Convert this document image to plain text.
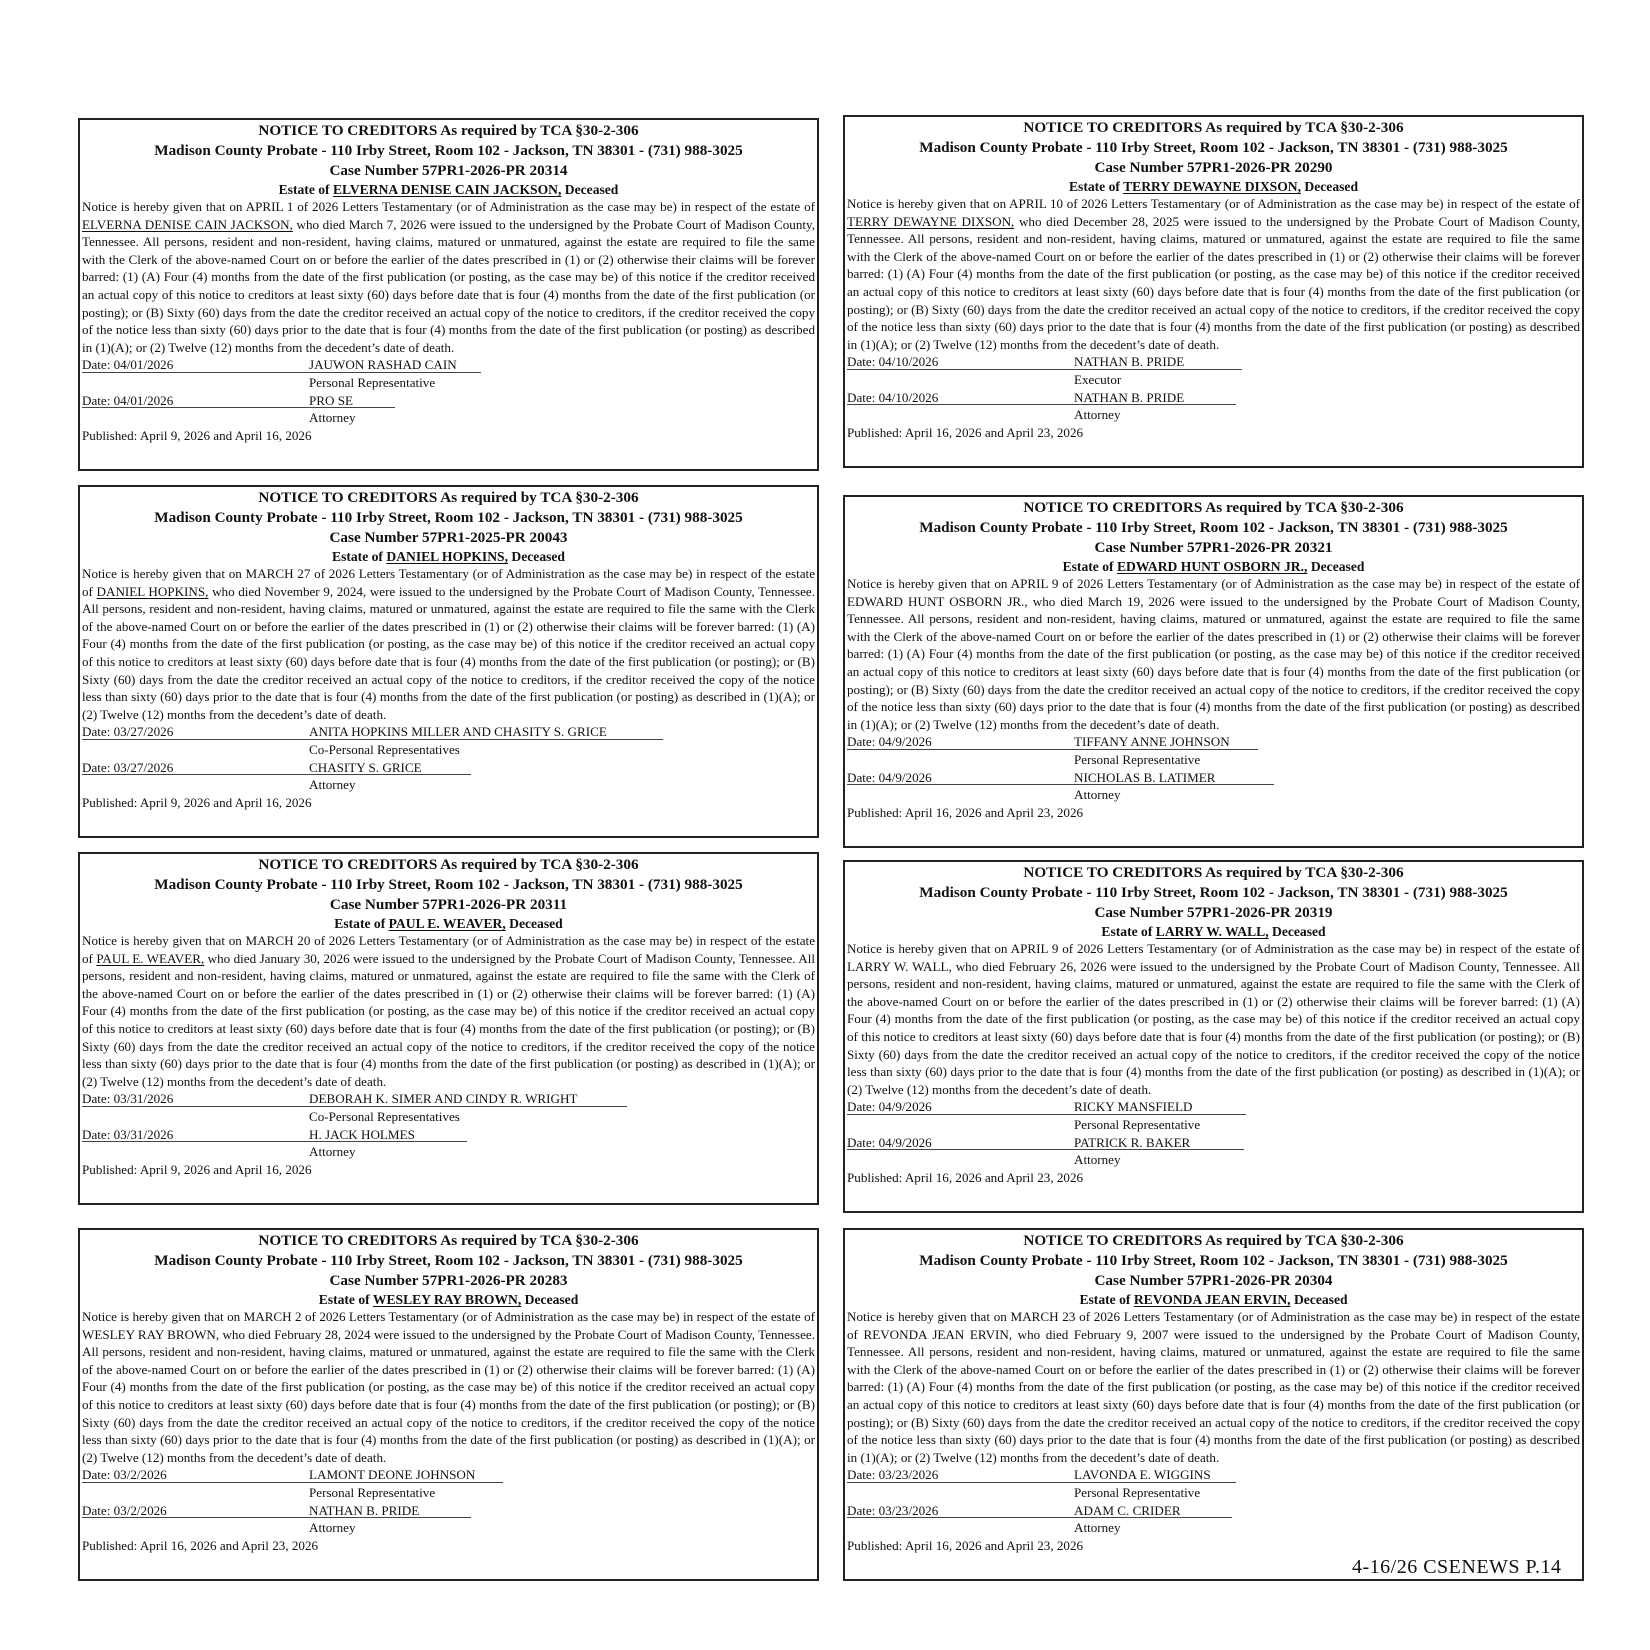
NOTICE TO CREDITORS As required by TCA §30-2-306
Madison County Probate - 110 Irby Street, Room 102 - Jackson, TN 38301 - (731) 988-3025
Case Number 57PR1-2026-PR 20314
Estate of ELVERNA DENISE CAIN JACKSON, Deceased

Notice is hereby given that on APRIL 1 of 2026 Letters Testamentary (or of Administration as the case may be) in respect of the estate of ELVERNA DENISE CAIN JACKSON, who died March 7, 2026 were issued to the undersigned by the Probate Court of Madison County, Tennessee. All persons, resident and non-resident, having claims, matured or unmatured, against the estate are required to file the same with the Clerk of the above-named Court on or before the earlier of the dates prescribed in (1) or (2) otherwise their claims will be forever barred: (1) (A) Four (4) months from the date of the first publication (or posting, as the case may be) of this notice if the creditor received an actual copy of this notice to creditors at least sixty (60) days before date that is four (4) months from the date of the first publication (or posting); or (B) Sixty (60) days from the date the creditor received an actual copy of the notice to creditors, if the creditor received the copy of the notice less than sixty (60) days prior to the date that is four (4) months from the date of the first publication (or posting) as described in (1)(A); or (2) Twelve (12) months from the decedent’s date of death.

Date: 04/01/2026	JAUWON RASHAD CAIN
Personal Representative
Date: 04/01/2026	PRO SE
Attorney
Published: April 9, 2026 and April 16, 2026
NOTICE TO CREDITORS As required by TCA §30-2-306
Madison County Probate - 110 Irby Street, Room 102 - Jackson, TN 38301 - (731) 988-3025
Case Number 57PR1-2025-PR 20043
Estate of DANIEL HOPKINS, Deceased

Notice is hereby given that on MARCH 27 of 2026 Letters Testamentary (or of Administration as the case may be) in respect of the estate of DANIEL HOPKINS, who died November 9, 2024, were issued to the undersigned by the Probate Court of Madison County, Tennessee. All persons, resident and non-resident, having claims, matured or unmatured, against the estate are required to file the same with the Clerk of the above-named Court on or before the earlier of the dates prescribed in (1) or (2) otherwise their claims will be forever barred: (1) (A) Four (4) months from the date of the first publication (or posting, as the case may be) of this notice if the creditor received an actual copy of this notice to creditors at least sixty (60) days before date that is four (4) months from the date of the first publication (or posting); or (B) Sixty (60) days from the date the creditor received an actual copy of the notice to creditors, if the creditor received the copy of the notice less than sixty (60) days prior to the date that is four (4) months from the date of the first publication (or posting) as described in (1)(A); or (2) Twelve (12) months from the decedent’s date of death.

Date: 03/27/2026	ANITA HOPKINS MILLER AND CHASITY S. GRICE
Co-Personal Representatives
Date: 03/27/2026	CHASITY S. GRICE
Attorney
Published: April 9, 2026 and April 16, 2026
NOTICE TO CREDITORS As required by TCA §30-2-306
Madison County Probate - 110 Irby Street, Room 102 - Jackson, TN 38301 - (731) 988-3025
Case Number 57PR1-2026-PR 20311
Estate of PAUL E. WEAVER, Deceased

Notice is hereby given that on MARCH 20 of 2026 Letters Testamentary (or of Administration as the case may be) in respect of the estate of PAUL E. WEAVER, who died January 30, 2026 were issued to the undersigned by the Probate Court of Madison County, Tennessee. All persons, resident and non-resident, having claims, matured or unmatured, against the estate are required to file the same with the Clerk of the above-named Court on or before the earlier of the dates prescribed in (1) or (2) otherwise their claims will be forever barred: (1) (A) Four (4) months from the date of the first publication (or posting, as the case may be) of this notice if the creditor received an actual copy of this notice to creditors at least sixty (60) days before date that is four (4) months from the date of the first publication (or posting); or (B) Sixty (60) days from the date the creditor received an actual copy of the notice to creditors, if the creditor received the copy of the notice less than sixty (60) days prior to the date that is four (4) months from the date of the first publication (or posting) as described in (1)(A); or (2) Twelve (12) months from the decedent’s date of death.

Date: 03/31/2026	DEBORAH K. SIMER AND CINDY R. WRIGHT
Co-Personal Representatives
Date: 03/31/2026	H. JACK HOLMES
Attorney
Published: April 9, 2026 and April 16, 2026
NOTICE TO CREDITORS As required by TCA §30-2-306
Madison County Probate - 110 Irby Street, Room 102 - Jackson, TN 38301 - (731) 988-3025
Case Number 57PR1-2026-PR 20283
Estate of WESLEY RAY BROWN, Deceased

Notice is hereby given that on MARCH 2 of 2026 Letters Testamentary (or of Administration as the case may be) in respect of the estate of WESLEY RAY BROWN, who died February 28, 2024 were issued to the undersigned by the Probate Court of Madison County, Tennessee. All persons, resident and non-resident, having claims, matured or unmatured, against the estate are required to file the same with the Clerk of the above-named Court on or before the earlier of the dates prescribed in (1) or (2) otherwise their claims will be forever barred: (1) (A) Four (4) months from the date of the first publication (or posting, as the case may be) of this notice if the creditor received an actual copy of this notice to creditors at least sixty (60) days before date that is four (4) months from the date of the first publication (or posting); or (B) Sixty (60) days from the date the creditor received an actual copy of the notice to creditors, if the creditor received the copy of the notice less than sixty (60) days prior to the date that is four (4) months from the date of the first publication (or posting) as described in (1)(A); or (2) Twelve (12) months from the decedent’s date of death.

Date: 03/2/2026	LAMONT DEONE JOHNSON
Personal Representative
Date: 03/2/2026	NATHAN B. PRIDE
Attorney
Published: April 16, 2026 and April 23, 2026
NOTICE TO CREDITORS As required by TCA §30-2-306
Madison County Probate - 110 Irby Street, Room 102 - Jackson, TN 38301 - (731) 988-3025
Case Number 57PR1-2026-PR 20290
Estate of TERRY DEWAYNE DIXSON, Deceased

Notice is hereby given that on APRIL 10 of 2026 Letters Testamentary (or of Administration as the case may be) in respect of the estate of TERRY DEWAYNE DIXSON, who died December 28, 2025 were issued to the undersigned by the Probate Court of Madison County, Tennessee. All persons, resident and non-resident, having claims, matured or unmatured, against the estate are required to file the same with the Clerk of the above-named Court on or before the earlier of the dates prescribed in (1) or (2) otherwise their claims will be forever barred: (1) (A) Four (4) months from the date of the first publication (or posting, as the case may be) of this notice if the creditor received an actual copy of this notice to creditors at least sixty (60) days before date that is four (4) months from the date of the first publication (or posting); or (B) Sixty (60) days from the date the creditor received an actual copy of the notice to creditors, if the creditor received the copy of the notice less than sixty (60) days prior to the date that is four (4) months from the date of the first publication (or posting) as described in (1)(A); or (2) Twelve (12) months from the decedent’s date of death.

Date: 04/10/2026	NATHAN B. PRIDE
Executor
Date: 04/10/2026	NATHAN B. PRIDE
Attorney
Published: April 16, 2026 and April 23, 2026
NOTICE TO CREDITORS As required by TCA §30-2-306
Madison County Probate - 110 Irby Street, Room 102 - Jackson, TN 38301 - (731) 988-3025
Case Number 57PR1-2026-PR 20321
Estate of EDWARD HUNT OSBORN JR., Deceased

Notice is hereby given that on APRIL 9 of 2026 Letters Testamentary (or of Administration as the case may be) in respect of the estate of EDWARD HUNT OSBORN JR., who died March 19, 2026 were issued to the undersigned by the Probate Court of Madison County, Tennessee. All persons, resident and non-resident, having claims, matured or unmatured, against the estate are required to file the same with the Clerk of the above-named Court on or before the earlier of the dates prescribed in (1) or (2) otherwise their claims will be forever barred: (1) (A) Four (4) months from the date of the first publication (or posting, as the case may be) of this notice if the creditor received an actual copy of this notice to creditors at least sixty (60) days before date that is four (4) months from the date of the first publication (or posting); or (B) Sixty (60) days from the date the creditor received an actual copy of the notice to creditors, if the creditor received the copy of the notice less than sixty (60) days prior to the date that is four (4) months from the date of the first publication (or posting) as described in (1)(A); or (2) Twelve (12) months from the decedent’s date of death.

Date: 04/9/2026	TIFFANY ANNE JOHNSON
Personal Representative
Date: 04/9/2026	NICHOLAS B. LATIMER
Attorney
Published: April 16, 2026 and April 23, 2026
NOTICE TO CREDITORS As required by TCA §30-2-306
Madison County Probate - 110 Irby Street, Room 102 - Jackson, TN 38301 - (731) 988-3025
Case Number 57PR1-2026-PR 20319
Estate of LARRY W. WALL, Deceased

Notice is hereby given that on APRIL 9 of 2026 Letters Testamentary (or of Administration as the case may be) in respect of the estate of LARRY W. WALL, who died February 26, 2026 were issued to the undersigned by the Probate Court of Madison County, Tennessee. All persons, resident and non-resident, having claims, matured or unmatured, against the estate are required to file the same with the Clerk of the above-named Court on or before the earlier of the dates prescribed in (1) or (2) otherwise their claims will be forever barred: (1) (A) Four (4) months from the date of the first publication (or posting, as the case may be) of this notice if the creditor received an actual copy of this notice to creditors at least sixty (60) days before date that is four (4) months from the date of the first publication (or posting); or (B) Sixty (60) days from the date the creditor received an actual copy of the notice to creditors, if the creditor received the copy of the notice less than sixty (60) days prior to the date that is four (4) months from the date of the first publication (or posting) as described in (1)(A); or (2) Twelve (12) months from the decedent’s date of death.

Date: 04/9/2026	RICKY MANSFIELD
Personal Representative
Date: 04/9/2026	PATRICK R. BAKER
Attorney
Published: April 16, 2026 and April 23, 2026
NOTICE TO CREDITORS As required by TCA §30-2-306
Madison County Probate - 110 Irby Street, Room 102 - Jackson, TN 38301 - (731) 988-3025
Case Number 57PR1-2026-PR 20304
Estate of REVONDA JEAN ERVIN, Deceased

Notice is hereby given that on MARCH 23 of 2026 Letters Testamentary (or of Administration as the case may be) in respect of the estate of REVONDA JEAN ERVIN, who died February 9, 2007 were issued to the undersigned by the Probate Court of Madison County, Tennessee. All persons, resident and non-resident, having claims, matured or unmatured, against the estate are required to file the same with the Clerk of the above-named Court on or before the earlier of the dates prescribed in (1) or (2) otherwise their claims will be forever barred: (1) (A) Four (4) months from the date of the first publication (or posting, as the case may be) of this notice if the creditor received an actual copy of this notice to creditors at least sixty (60) days before date that is four (4) months from the date of the first publication (or posting); or (B) Sixty (60) days from the date the creditor received an actual copy of the notice to creditors, if the creditor received the copy of the notice less than sixty (60) days prior to the date that is four (4) months from the date of the first publication (or posting) as described in (1)(A); or (2) Twelve (12) months from the decedent’s date of death.

Date: 03/23/2026	LAVONDA E. WIGGINS
Personal Representative
Date: 03/23/2026	ADAM C. CRIDER
Attorney
Published: April 16, 2026 and April 23, 2026
4-16/26 CSENEWS P.14
